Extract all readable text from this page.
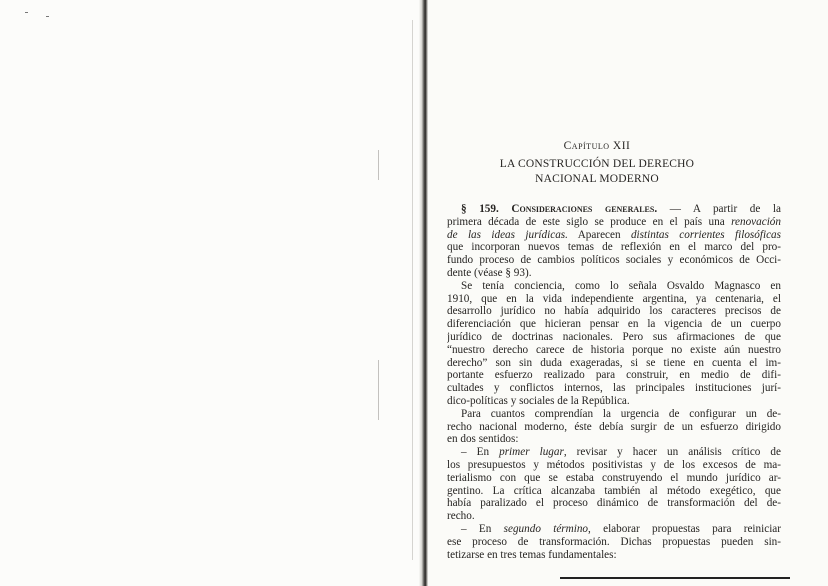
Capítulo XII
LA CONSTRUCCIÓN DEL DERECHO
NACIONAL MODERNO
§ 159. Consideraciones generales. — A partir de la
primera década de este siglo se produce en el país una renovación
de las ideas jurídicas. Aparecen distintas corrientes filosóficas
que incorporan nuevos temas de reflexión en el marco del pro-
fundo proceso de cambios políticos sociales y económicos de Occi-
dente (véase § 93).
Se tenía conciencia, como lo señala Osvaldo Magnasco en
1910, que en la vida independiente argentina, ya centenaria, el
desarrollo jurídico no había adquirido los caracteres precisos de
diferenciación que hicieran pensar en la vigencia de un cuerpo
jurídico de doctrinas nacionales. Pero sus afirmaciones de que
“nuestro derecho carece de historia porque no existe aún nuestro
derecho” son sin duda exageradas, si se tiene en cuenta el im-
portante esfuerzo realizado para construir, en medio de difi-
cultades y conflictos internos, las principales instituciones jurí-
dico-políticas y sociales de la República.
Para cuantos comprendían la urgencia de configurar un de-
recho nacional moderno, éste debía surgir de un esfuerzo dirigido
en dos sentidos:
– En primer lugar, revisar y hacer un análisis crítico de
los presupuestos y métodos positivistas y de los excesos de ma-
terialismo con que se estaba construyendo el mundo jurídico ar-
gentino. La crítica alcanzaba también al método exegético, que
había paralizado el proceso dinámico de transformación del de-
recho.
– En segundo término, elaborar propuestas para reiniciar
ese proceso de transformación. Dichas propuestas pueden sin-
tetizarse en tres temas fundamentales:
